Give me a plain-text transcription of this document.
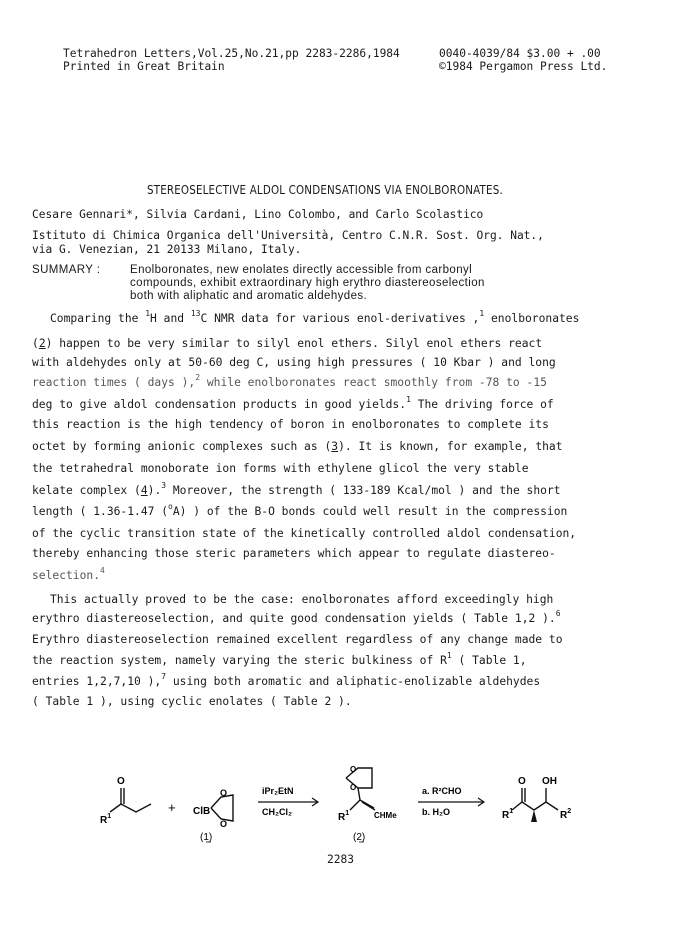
Tetrahedron Letters,Vol.25,No.21,pp 2283-2286,1984	0040-4039/84 $3.00 + .00
Printed in Great Britain	©1984 Pergamon Press Ltd.
STEREOSELECTIVE ALDOL CONDENSATIONS VIA ENOLBORONATES.
Cesare Gennari*, Silvia Cardani, Lino Colombo, and Carlo Scolastico
Istituto di Chimica Organica dell'Università, Centro C.N.R. Sost. Org. Nat.,
via G. Venezian, 21 20133 Milano, Italy.
SUMMARY :	Enolboronates, new enolates directly accessible from carbonyl
compounds, exhibit extraordinary high erythro diastereoselection
both with aliphatic and aromatic aldehydes.
Comparing the $^1$H and $^{13}$C NMR data for various enol-derivatives ,$^1$ enolboronates
(2) happen to be very similar to silyl enol ethers. Silyl enol ethers react
with aldehydes only at 50-60 deg C, using high pressures ( 10 Kbar ) and long
reaction times ( days ),$^2$ while enolboronates react smoothly from -78 to -15
deg to give aldol condensation products in good yields.$^1$ The driving force of
this reaction is the high tendency of boron in enolboronates to complete its
octet by forming anionic complexes such as (3). It is known, for example, that
the tetrahedral monoborate ion forms with ethylene glicol the very stable
kelate complex (4).$^3$ Moreover, the strength ( 133-189 Kcal/mol ) and the short
length ( 1.36-1.47 ($^o$A) ) of the B-O bonds could well result in the compression
of the cyclic transition state of the kinetically controlled aldol condensation,
thereby enhancing those steric parameters which appear to regulate diastereo-
selection.$^4$
This actually proved to be the case: enolboronates afford exceedingly high
erythro diastereoselection, and quite good condensation yields ( Table 1,2 ).$^6$
Erythro diastereoselection remained excellent regardless of any change made to
the reaction system, namely varying the steric bulkiness of $R^1$ ( Table 1,
entries 1,2,7,10 ),$^7$ using both aromatic and aliphatic-enolizable aldehydes
( Table 1 ), using cyclic enolates ( Table 2 ).
O
$R^1$
+ ClB
O
O
(1)
iPr₂EtN
CH₂Cl₂
O
O
$R^1$	CHMe
(2)
a. R²CHO
b. H₂O
O OH
$R^1$	$R^2$
2283
